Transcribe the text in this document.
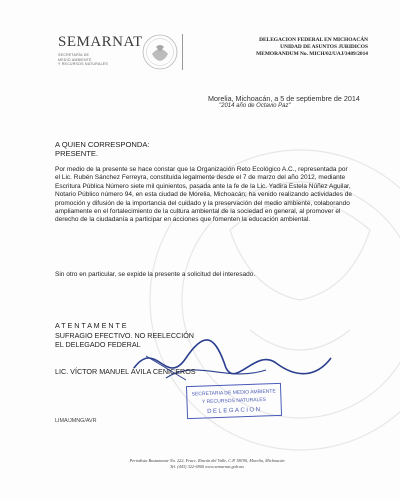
SEMARNAT
SECRETARÍA DE
MEDIO AMBIENTE
Y RECURSOS NATURALES
DELEGACION FEDERAL EN MICHOACÁN
UNIDAD DE ASUNTOS JURIDICOS
MEMORANDUM No. MICH/02/UAJ/3489/2014
Morelia, Michoacán, a 5 de septiembre de 2014
"2014 año de Octavio Paz"
A QUIEN CORRESPONDA:
PRESENTE.
Por medio de la presente se hace constar que la Organización Reto Ecológico A.C., representada por el Lic. Rubén Sánchez Ferreyra, constituida legalmente desde el 7 de marzo del año 2012, mediante Escritura Pública Número siete mil quinientos, pasada ante la fe de la Lic. Yadira Estela Núñez Aguilar, Notario Público número 94, en esta ciudad de Morelia, Michoacán; ha venido realizando actividades de promoción y difusión de la importancia del cuidado y la preservación del medio ambiente, colaborando ampliamente en el fortalecimiento de la cultura ambiental de la sociedad en general, al promover el derecho de la ciudadanía a participar en acciones que fomenten la educación ambiental.
Sin otro en particular, se expide la presente a solicitud del interesado.
A T E N T A M E N T E
SUFRAGIO EFECTIVO. NO REELECCIÓN
EL DELEGADO FEDERAL
LIC. VÍCTOR MANUEL ÁVILA CENICEROS
SECRETARIA DE MEDIO AMBIENTE
Y RECURSOS NATURALES
DELEGACION
LIMA/JMNG/AVR
Periodista Bustamante No. 222, Fracc. Rincón del Valle, C.P. 58190, Morelia, Michoacán
Tel. (443) 322-6900 www.semarnat.gob.mx
